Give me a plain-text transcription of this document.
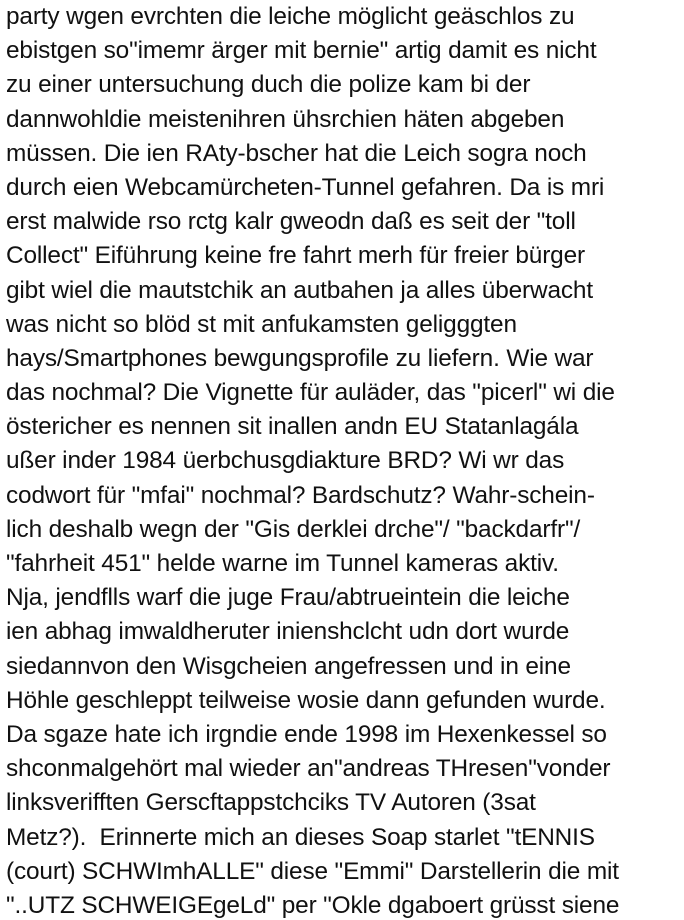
party wgen evrchten die leiche möglicht geäschlos zu
ebistgen so"imemr ärger mit bernie" artig damit es nicht
zu einer untersuchung duch die polize kam bi der
dannwohldie meistenihren ühsrchien häten abgeben
müssen. Die ien RAty-bscher hat die Leich sogra noch
durch eien Webcamürcheten-Tunnel gefahren. Da is mri
erst malwide rso rctg kalr gweodn daß es seit der "toll
Collect" Eiführung keine fre fahrt merh für freier bürger
gibt wiel die mautstchik an autbahen ja alles überwacht
was nicht so blöd st mit anfukamsten geligggten
hays/Smartphones bewgungsprofile zu liefern. Wie war
das nochmal? Die Vignette für auläder, das "picerl" wi die
östericher es nennen sit inallen andn EU Statanlagála
ußer inder 1984 üerbchusgdiakture BRD? Wi wr das
codwort für "mfai" nochmal? Bardschutz? Wahr-schein-
lich deshalb wegn der "Gis derklei drche"/ "backdarfr"/
"fahrheit 451" helde warne im Tunnel kameras aktiv.
Nja, jendflls warf die juge Frau/abtrueintein die leiche
ien abhag imwaldheruter inienshclcht udn dort wurde
siedannvon den Wisgcheien angefressen und in eine
Höhle geschleppt teilweise wosie dann gefunden wurde.
Da sgaze hate ich irgndie ende 1998 im Hexenkessel so
shconmalgehört mal wieder an"andreas THresen"vonder
linksverifften Gerscftappstchciks TV Autoren (3sat
Metz?).  Erinnerte mich an dieses Soap starlet "tENNIS
(court) SCHWImhALLE" diese "Emmi" Darstellerin die mit
"..UTZ SCHWEIGEgeLd" per "Okle dgaboert grüsst siene
